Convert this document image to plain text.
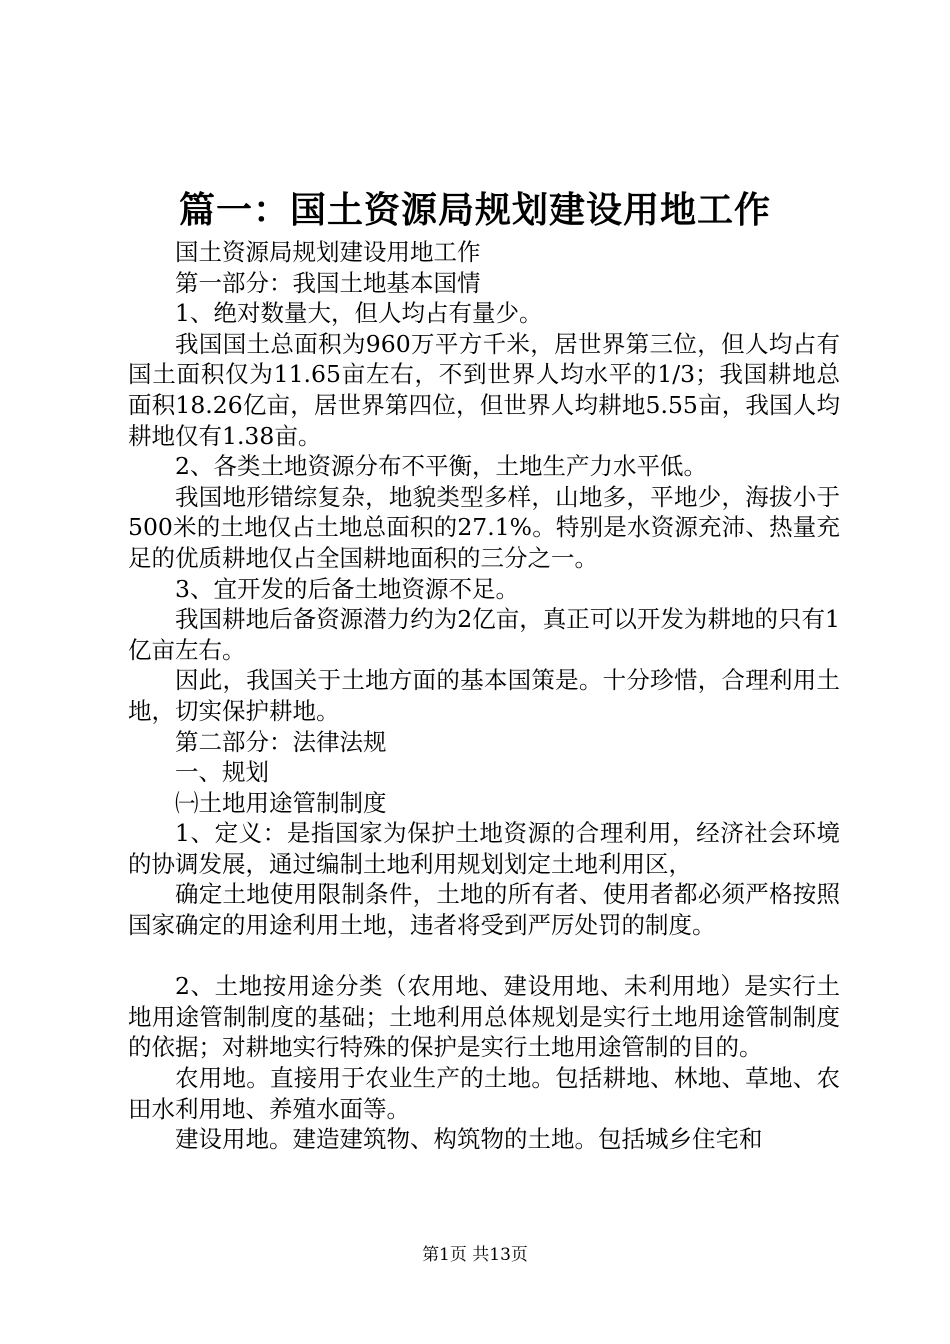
篇一：国土资源局规划建设用地工作

国土资源局规划建设用地工作

第一部分：我国土地基本国情

1、绝对数量大，但人均占有量少。

我国国土总面积为960万平方千米，居世界第三位，但人均占有国土面积仅为11.65亩左右，不到世界人均水平的1/3；我国耕地总面积18.26亿亩，居世界第四位，但世界人均耕地5.55亩，我国人均耕地仅有1.38亩。

2、各类土地资源分布不平衡，土地生产力水平低。

我国地形错综复杂，地貌类型多样，山地多，平地少，海拔小于500米的土地仅占土地总面积的27.1%。特别是水资源充沛、热量充足的优质耕地仅占全国耕地面积的三分之一。

3、宜开发的后备土地资源不足。

我国耕地后备资源潜力约为2亿亩，真正可以开发为耕地的只有1亿亩左右。

因此，我国关于土地方面的基本国策是。十分珍惜，合理利用土地，切实保护耕地。

第二部分：法律法规

一、规划

㈠土地用途管制制度

1、定义：是指国家为保护土地资源的合理利用，经济社会环境的协调发展，通过编制土地利用规划划定土地利用区，

确定土地使用限制条件，土地的所有者、使用者都必须严格按照国家确定的用途利用土地，违者将受到严厉处罚的制度。

2、土地按用途分类（农用地、建设用地、未利用地）是实行土地用途管制制度的基础；土地利用总体规划是实行土地用途管制制度的依据；对耕地实行特殊的保护是实行土地用途管制的目的。

农用地。直接用于农业生产的土地。包括耕地、林地、草地、农田水利用地、养殖水面等。

建设用地。建造建筑物、构筑物的土地。包括城乡住宅和

第1页 共13页
